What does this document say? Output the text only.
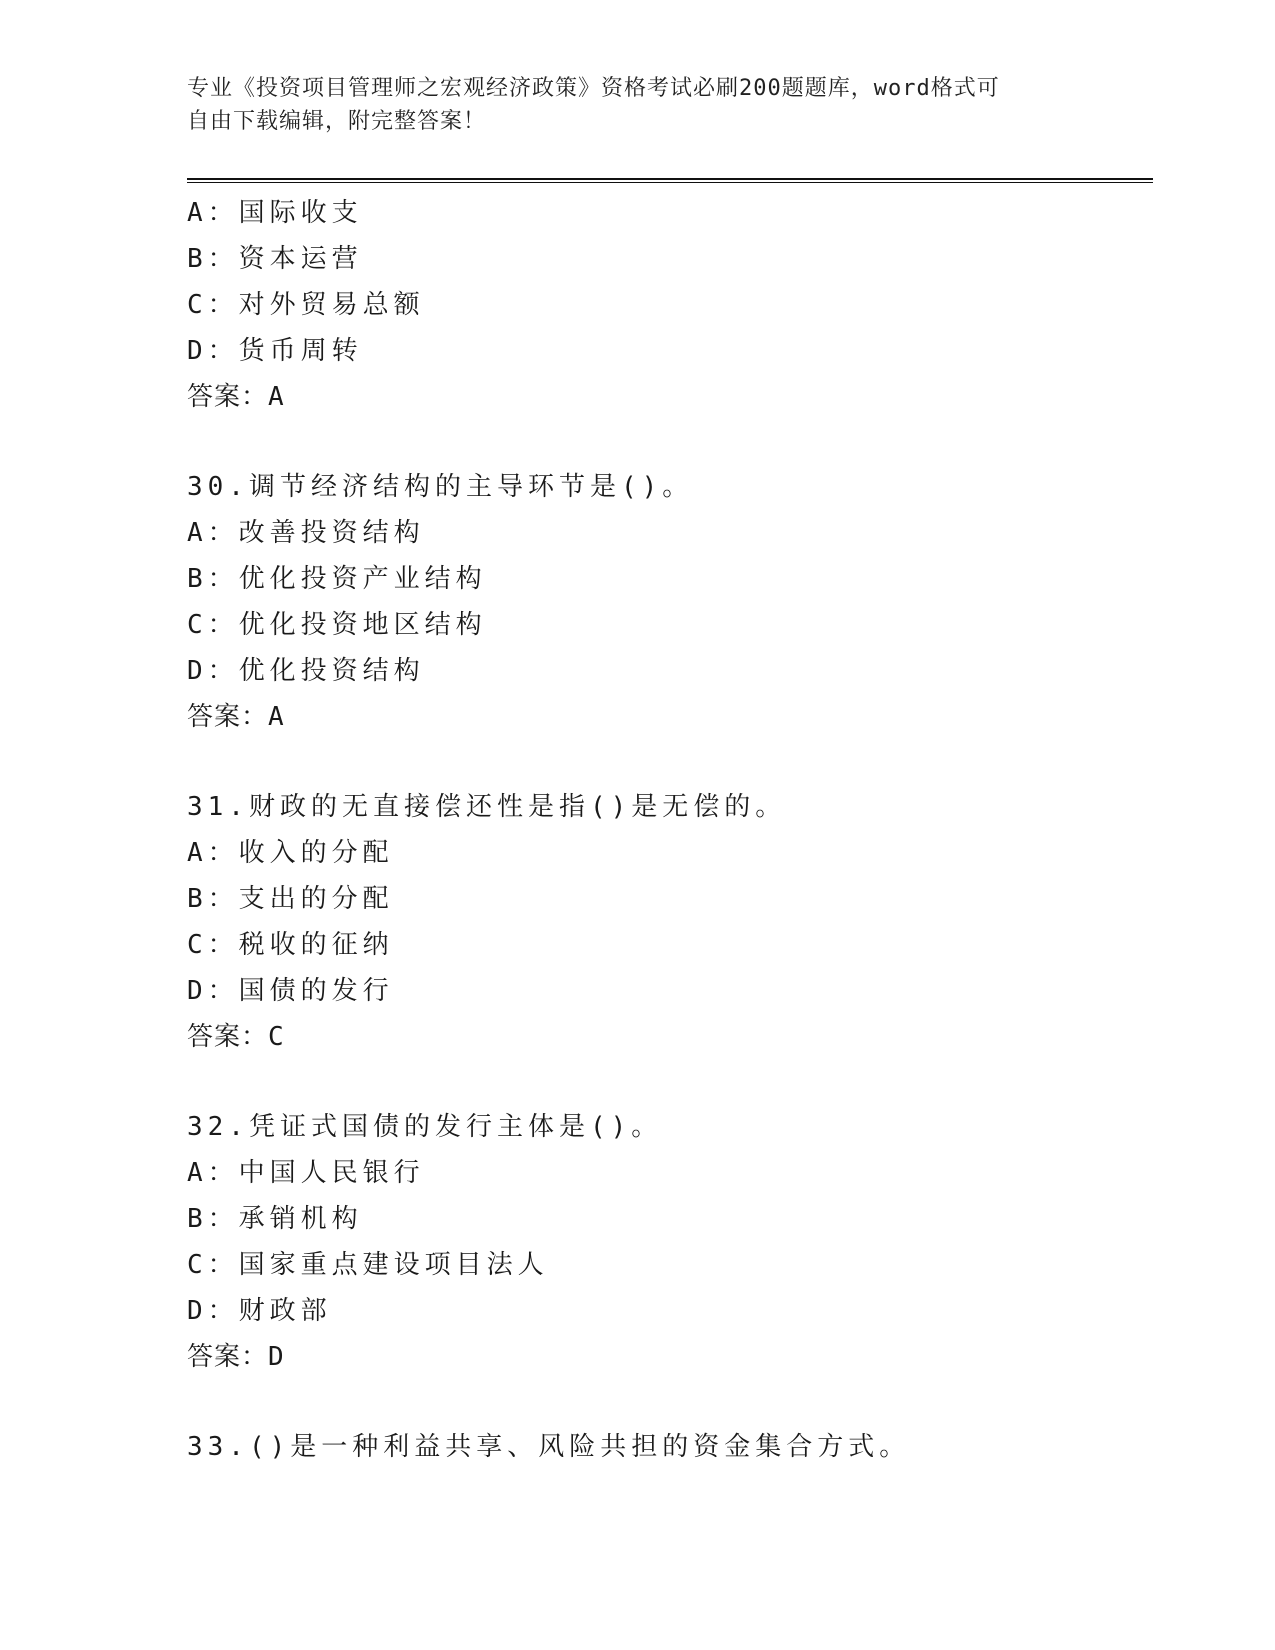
专业《投资项目管理师之宏观经济政策》资格考试必刷200题题库，word格式可
自由下载编辑，附完整答案！
A：国际收支
B：资本运营
C：对外贸易总额
D：货币周转
答案：A
30.调节经济结构的主导环节是()。
A：改善投资结构
B：优化投资产业结构
C：优化投资地区结构
D：优化投资结构
答案：A
31.财政的无直接偿还性是指()是无偿的。
A：收入的分配
B：支出的分配
C：税收的征纳
D：国债的发行
答案：C
32.凭证式国债的发行主体是()。
A：中国人民银行
B：承销机构
C：国家重点建设项目法人
D：财政部
答案：D
33.()是一种利益共享、风险共担的资金集合方式。
